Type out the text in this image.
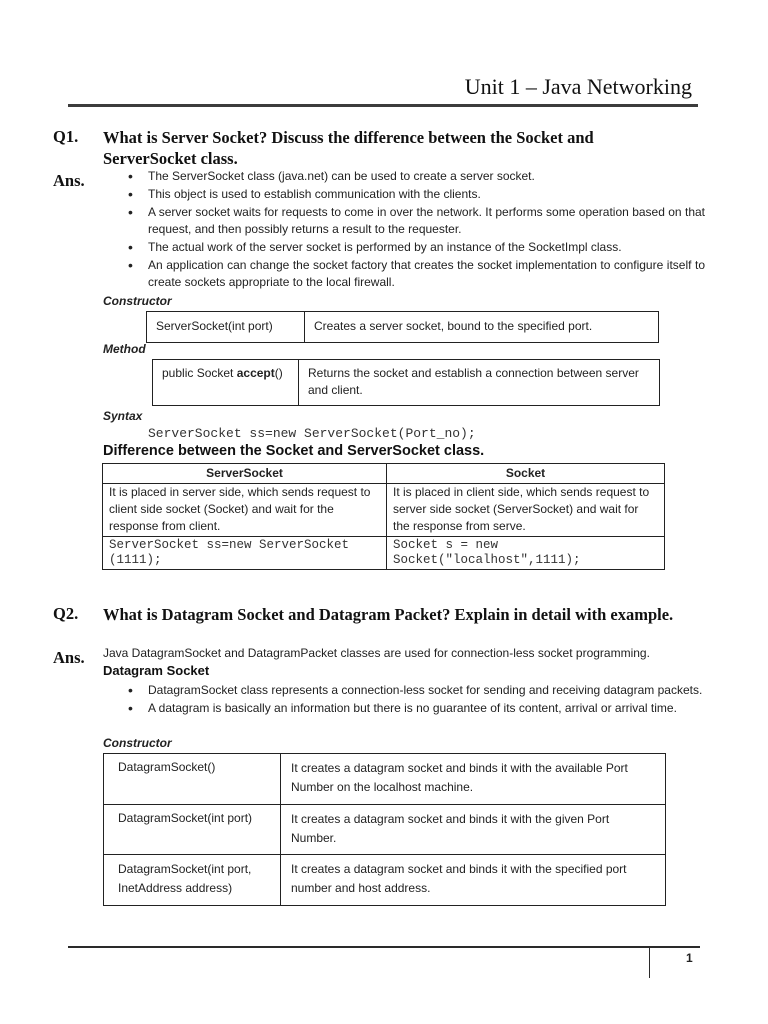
Unit 1 – Java Networking
Q1. What is Server Socket? Discuss the difference between the Socket and ServerSocket class.
Ans.	• The ServerSocket class (java.net) can be used to create a server socket.
• This object is used to establish communication with the clients.
• A server socket waits for requests to come in over the network. It performs some operation based on that request, and then possibly returns a result to the requester.
• The actual work of the server socket is performed by an instance of the SocketImpl class.
• An application can change the socket factory that creates the socket implementation to configure itself to create sockets appropriate to the local firewall.
Constructor
ServerSocket(int port)	Creates a server socket, bound to the specified port.
Method
public Socket accept()	Returns the socket and establish a connection between server and client.
Syntax
ServerSocket ss=new ServerSocket(Port_no);
Difference between the Socket and ServerSocket class.
ServerSocket	Socket
It is placed in server side, which sends request to client side socket (Socket) and wait for the response from client.	It is placed in client side, which sends request to server side socket (ServerSocket) and wait for the response from serve.
ServerSocket ss=new ServerSocket (1111);	Socket s = new Socket("localhost",1111);
Q2. What is Datagram Socket and Datagram Packet? Explain in detail with example.
Ans. Java DatagramSocket and DatagramPacket classes are used for connection-less socket programming.
Datagram Socket
• DatagramSocket class represents a connection-less socket for sending and receiving datagram packets.
• A datagram is basically an information but there is no guarantee of its content, arrival or arrival time.
Constructor
DatagramSocket()	It creates a datagram socket and binds it with the available Port Number on the localhost machine.
DatagramSocket(int port)	It creates a datagram socket and binds it with the given Port Number.
DatagramSocket(int port, InetAddress address)	It creates a datagram socket and binds it with the specified port number and host address.
1
